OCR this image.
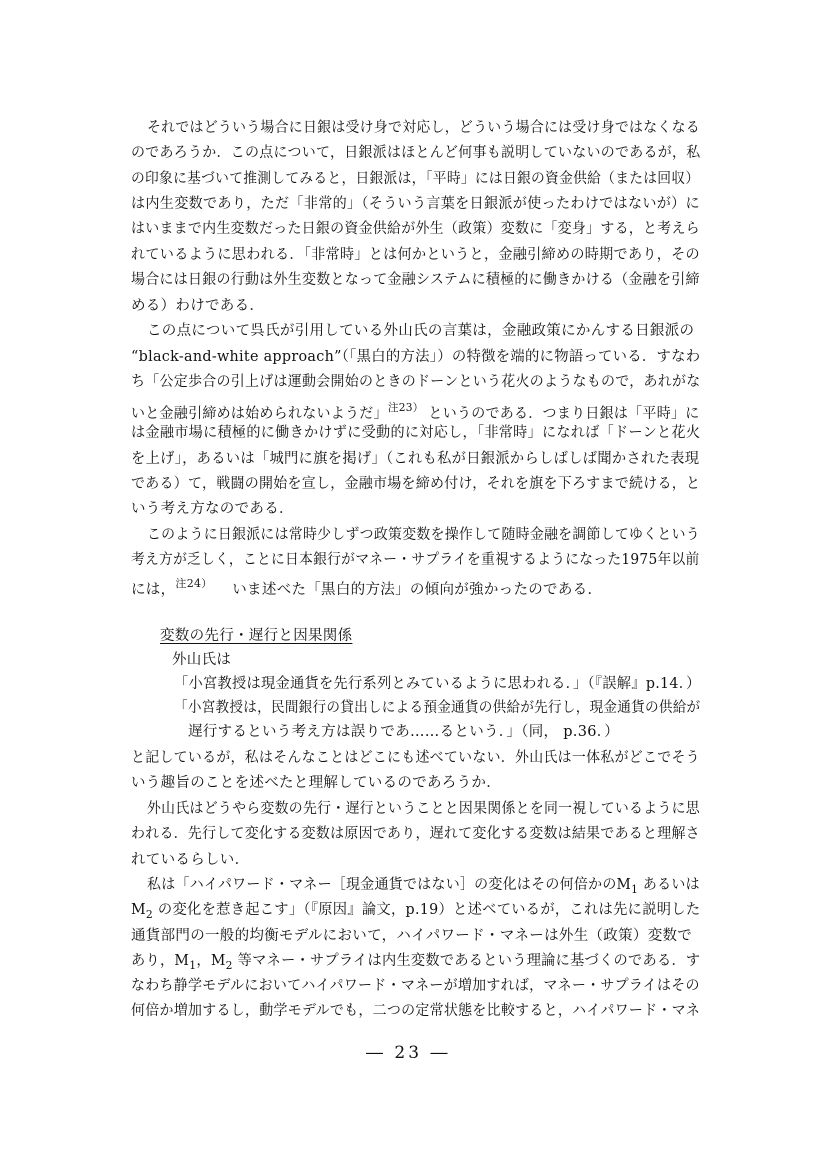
それではどういう場合に日銀は受け身で対応し，どういう場合には受け身ではなくなる
のであろうか．この点について，日銀派はほとんど何事も説明していないのであるが，私
の印象に基づいて推測してみると，日銀派は，「平時」には日銀の資金供給（または回収）
は内生変数であり，ただ「非常的」（そういう言葉を日銀派が使ったわけではないが）に
はいままで内生変数だった日銀の資金供給が外生（政策）変数に「変身」する，と考えら
れているように思われる．「非常時」とは何かというと，金融引締めの時期であり，その
場合には日銀の行動は外生変数となって金融システムに積極的に働きかける（金融を引締
める）わけである．
この点について呉氏が引用している外山氏の言葉は，金融政策にかんする日銀派の
“black-and-white approach”（「黒白的方法」）の特徴を端的に物語っている．すなわ
ち「公定歩合の引上げは運動会開始のときのドーンという花火のようなもので，あれがな
いと金融引締めは始められないようだ」$^{注23)}$ というのである．つまり日銀は「平時」に
は金融市場に積極的に働きかけずに受動的に対応し，「非常時」になれば「ドーンと花火
を上げ」，あるいは「城門に旗を掲げ」（これも私が日銀派からしばしば聞かされた表現
である）て，戦闘の開始を宣し，金融市場を締め付け，それを旗を下ろすまで続ける，と
いう考え方なのである．
このように日銀派には常時少しずつ政策変数を操作して随時金融を調節してゆくという
考え方が乏しく，ことに日本銀行がマネー・サプライを重視するようになった1975年以前
には，$^{注24)}$ いま述べた「黒白的方法」の傾向が強かったのである．
変数の先行・遅行と因果関係
外山氏は
「小宮教授は現金通貨を先行系列とみているように思われる．」（『誤解』p.14．）
「小宮教授は，民間銀行の貸出しによる預金通貨の供給が先行し，現金通貨の供給が
遅行するという考え方は誤りであ……るという．」（同， p.36．）
と記しているが，私はそんなことはどこにも述べていない．外山氏は一体私がどこでそう
いう趣旨のことを述べたと理解しているのであろうか．
外山氏はどうやら変数の先行・遅行ということと因果関係とを同一視しているように思
われる．先行して変化する変数は原因であり，遅れて変化する変数は結果であると理解さ
れているらしい．
私は「ハイパワード・マネー［現金通貨ではない］の変化はその何倍かの$M_1$ あるいは
$M_2$ の変化を惹き起こす」（『原因』論文，p.19）と述べているが，これは先に説明した
通貨部門の一般的均衡モデルにおいて，ハイパワード・マネーは外生（政策）変数で
あり，$M_1$，$M_2$ 等マネー・サプライは内生変数であるという理論に基づくのである．す
なわち静学モデルにおいてハイパワード・マネーが増加すれば，マネー・サプライはその
何倍か増加するし，動学モデルでも，二つの定常状態を比較すると，ハイパワード・マネ
― 23 ―
